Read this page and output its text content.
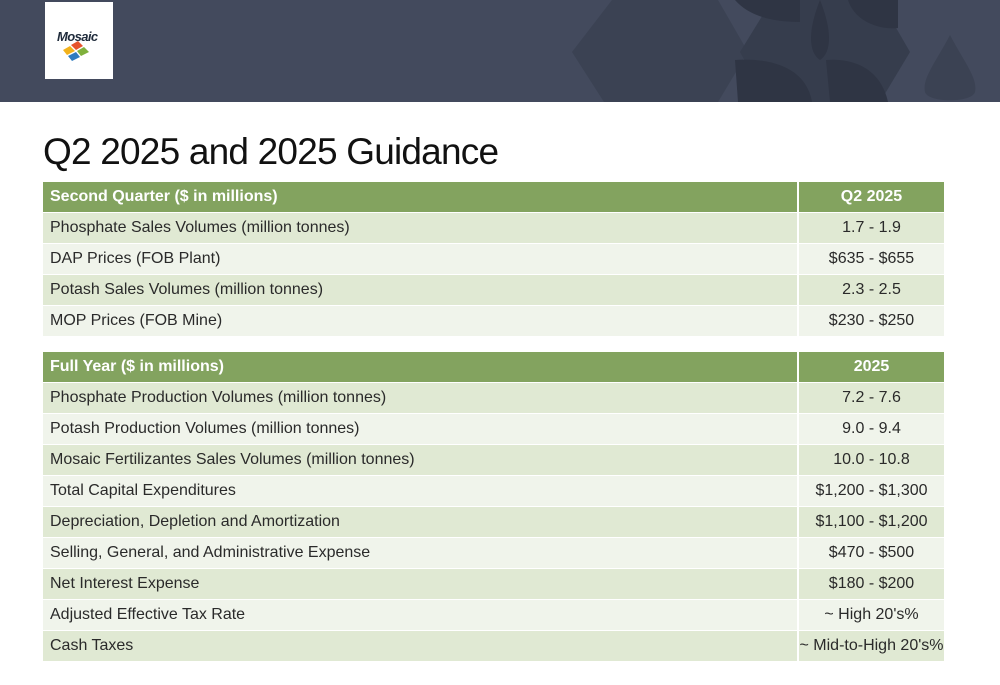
Mosaic
Q2 2025 and 2025 Guidance
Second Quarter ($ in millions)	Q2 2025
Phosphate Sales Volumes (million tonnes)	1.7 - 1.9
DAP Prices (FOB Plant)	$635 - $655
Potash Sales Volumes (million tonnes)	2.3 - 2.5
MOP Prices (FOB Mine)	$230 - $250
Full Year ($ in millions)	2025
Phosphate Production Volumes (million tonnes)	7.2 - 7.6
Potash Production Volumes (million tonnes)	9.0 - 9.4
Mosaic Fertilizantes Sales Volumes (million tonnes)	10.0 - 10.8
Total Capital Expenditures	$1,200 - $1,300
Depreciation, Depletion and Amortization	$1,100 - $1,200
Selling, General, and Administrative Expense	$470 - $500
Net Interest Expense	$180 - $200
Adjusted Effective Tax Rate	~ High 20's%
Cash Taxes	~ Mid-to-High 20's%
